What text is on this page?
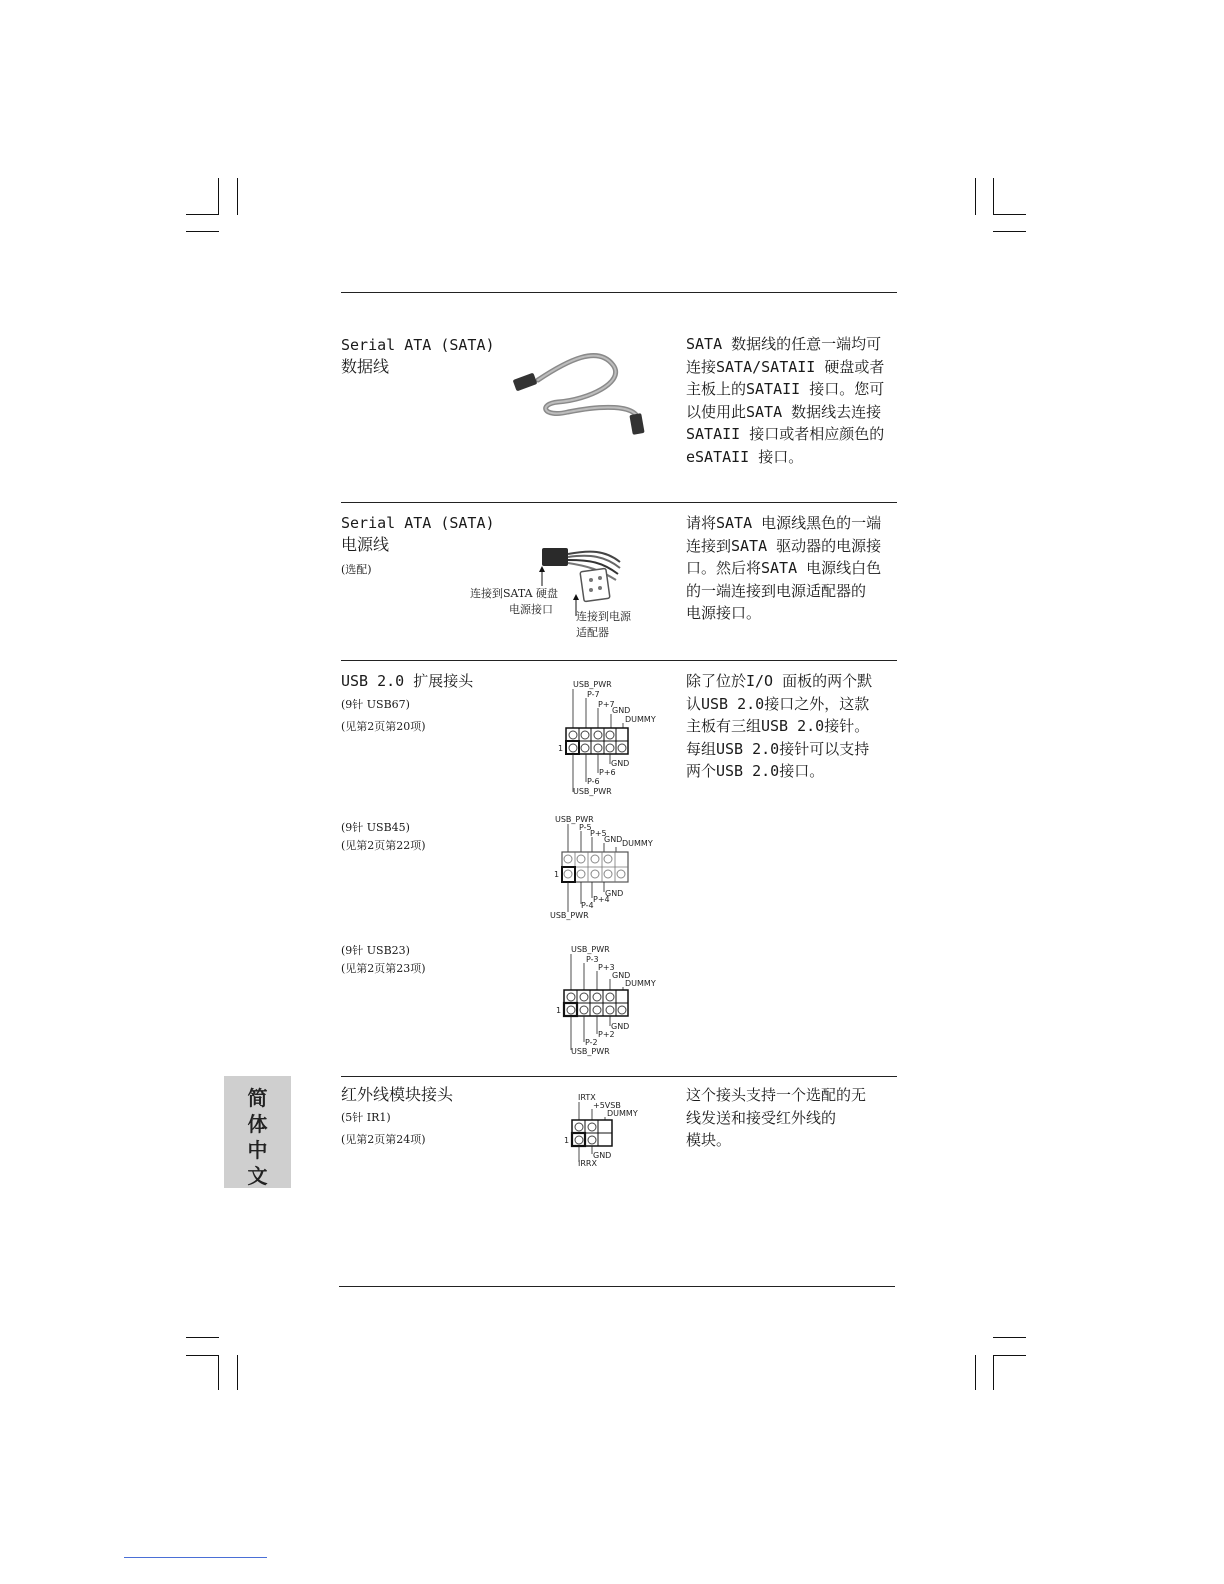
Serial ATA (SATA)
数据线
SATA 数据线的任意一端均可
连接SATA/SATAII 硬盘或者
主板上的SATAII 接口。您可
以使用此SATA 数据线去连接
SATAII 接口或者相应颜色的
eSATAII 接口。
Serial ATA (SATA)
电源线
(选配)
连接到SATA 硬盘
电源接口
连接到电源
适配器
请将SATA 电源线黑色的一端
连接到SATA 驱动器的电源接
口。然后将SATA 电源线白色
的一端连接到电源适配器的
电源接口。
USB 2.0 扩展接头
(9针 USB67)
(见第2页第20项)
(9针 USB45)
(见第2页第22项)
(9针 USB23)
(见第2页第23项)
USB_PWR
P-7
P+7
GND
DUMMY
1
GND
P+6
P-6
USB_PWR
USB_PWR
P-5
P+5
GND DUMMY
1
GND
P+4
P-4
USB_PWR
USB_PWR
P-3
P+3
GND
DUMMY
1
GND
P+2
P-2
USB_PWR
除了位於I/O 面板的两个默
认USB 2.0接口之外，这款
主板有三组USB 2.0接针。
每组USB 2.0接针可以支持
两个USB 2.0接口。
红外线模块接头
(5针 IR1)
(见第2页第24项)
IRTX
+5VSB
DUMMY
1
GND
IRRX
这个接头支持一个选配的无
线发送和接受红外线的
模块。
简
体
中
文
